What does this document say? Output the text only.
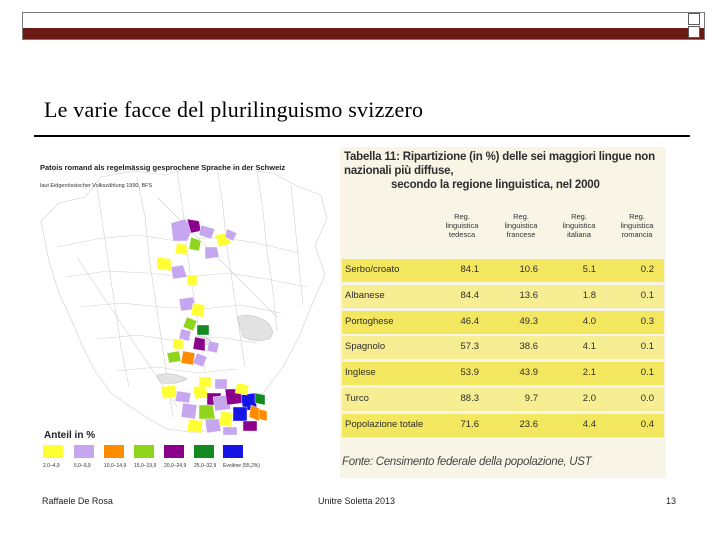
Le varie facce del plurilinguismo svizzero
Patois romand als regelmässig gesprochene Sprache in der Schweiz
laut Eidgenössischer Volkszählung 1990, BFS
Anteil in %
2,0–4,9	5,0–9,9	10,0–14,9 15,0–19,9 20,0–24,9 25,0–32,9 Evolène (55,2%)
Tabella 11: Ripartizione (in %) delle sei maggiori lingue non nazionali più diffuse,
secondo la regione linguistica, nel 2000
Reg. linguistica tedesca
Reg. linguistica francese
Reg. linguistica italiana
Reg. linguistica romancia
Serbo/croato	84.1	10.6	5.1	0.2
Albanese	84.4	13.6	1.8	0.1
Portoghese	46.4	49.3	4.0	0.3
Spagnolo	57.3	38.6	4.1	0.1
Inglese	53.9	43.9	2.1	0.1
Turco	88.3	9.7	2.0	0.0
Popolazione totale	71.6	23.6	4.4	0.4
Fonte: Censimento federale della popolazione, UST
Raffaele De Rosa	Unitre Soletta 2013	13
